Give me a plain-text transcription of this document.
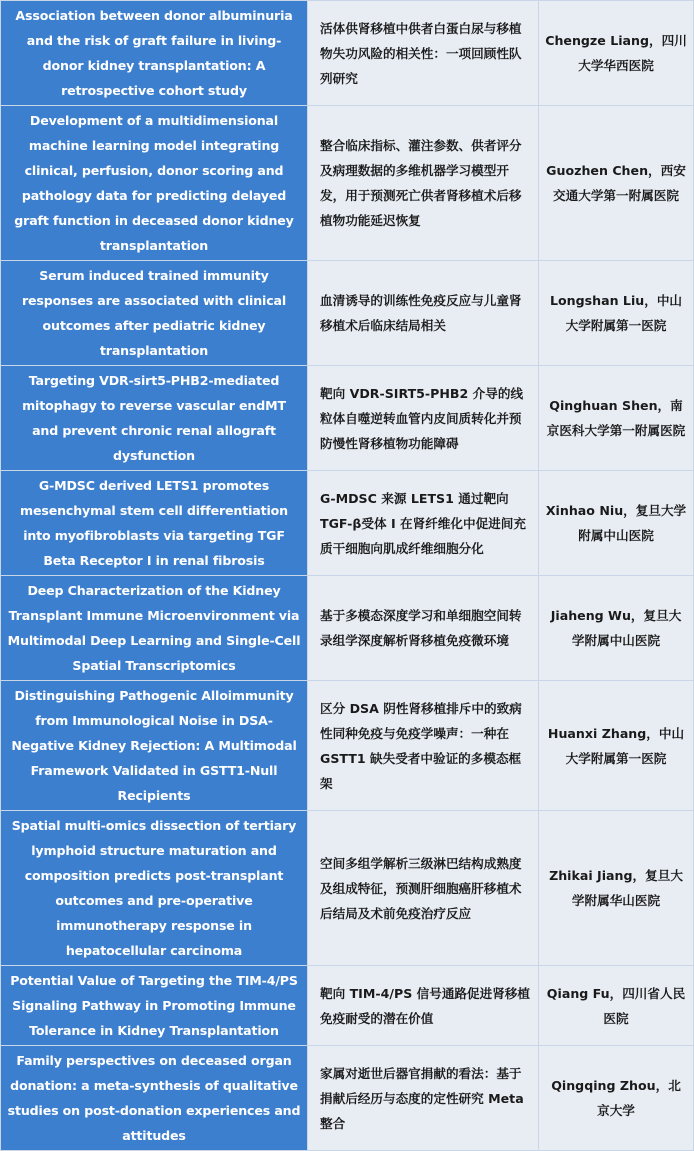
Association between donor albuminuria and the risk of graft failure in living-donor kidney transplantation: A retrospective cohort study	活体供肾移植中供者白蛋白尿与移植物失功风险的相关性：一项回顾性队列研究	Chengze Liang，四川大学华西医院
Development of a multidimensional machine learning model integrating clinical, perfusion, donor scoring and pathology data for predicting delayed graft function in deceased donor kidney transplantation	整合临床指标、灌注参数、供者评分及病理数据的多维机器学习模型开发，用于预测死亡供者肾移植术后移植物功能延迟恢复	Guozhen Chen，西安交通大学第一附属医院
Serum induced trained immunity responses are associated with clinical outcomes after pediatric kidney transplantation	血清诱导的训练性免疫反应与儿童肾移植术后临床结局相关	Longshan Liu，中山大学附属第一医院
Targeting VDR-sirt5-PHB2-mediated mitophagy to reverse vascular endMT and prevent chronic renal allograft dysfunction	靶向 VDR-SIRT5-PHB2 介导的线粒体自噬逆转血管内皮间质转化并预防慢性肾移植物功能障碍	Qinghuan Shen，南京医科大学第一附属医院
G-MDSC derived LETS1 promotes mesenchymal stem cell differentiation into myofibroblasts via targeting TGF Beta Receptor I in renal fibrosis	G-MDSC 来源 LETS1 通过靶向 TGF-β受体 I 在肾纤维化中促进间充质干细胞向肌成纤维细胞分化	Xinhao Niu，复旦大学附属中山医院
Deep Characterization of the Kidney Transplant Immune Microenvironment via Multimodal Deep Learning and Single-Cell Spatial Transcriptomics	基于多模态深度学习和单细胞空间转录组学深度解析肾移植免疫微环境	Jiaheng Wu，复旦大学附属中山医院
Distinguishing Pathogenic Alloimmunity from Immunological Noise in DSA-Negative Kidney Rejection: A Multimodal Framework Validated in GSTT1-Null Recipients	区分 DSA 阴性肾移植排斥中的致病性同种免疫与免疫学噪声：一种在 GSTT1 缺失受者中验证的多模态框架	Huanxi Zhang，中山大学附属第一医院
Spatial multi-omics dissection of tertiary lymphoid structure maturation and composition predicts post-transplant outcomes and pre-operative immunotherapy response in hepatocellular carcinoma	空间多组学解析三级淋巴结构成熟度及组成特征，预测肝细胞癌肝移植术后结局及术前免疫治疗反应	Zhikai Jiang，复旦大学附属华山医院
Potential Value of Targeting the TIM-4/PS Signaling Pathway in Promoting Immune Tolerance in Kidney Transplantation	靶向 TIM-4/PS 信号通路促进肾移植免疫耐受的潜在价值	Qiang Fu，四川省人民医院
Family perspectives on deceased organ donation: a meta-synthesis of qualitative studies on post-donation experiences and attitudes	家属对逝世后器官捐献的看法：基于捐献后经历与态度的定性研究 Meta 整合	Qingqing Zhou，北京大学
